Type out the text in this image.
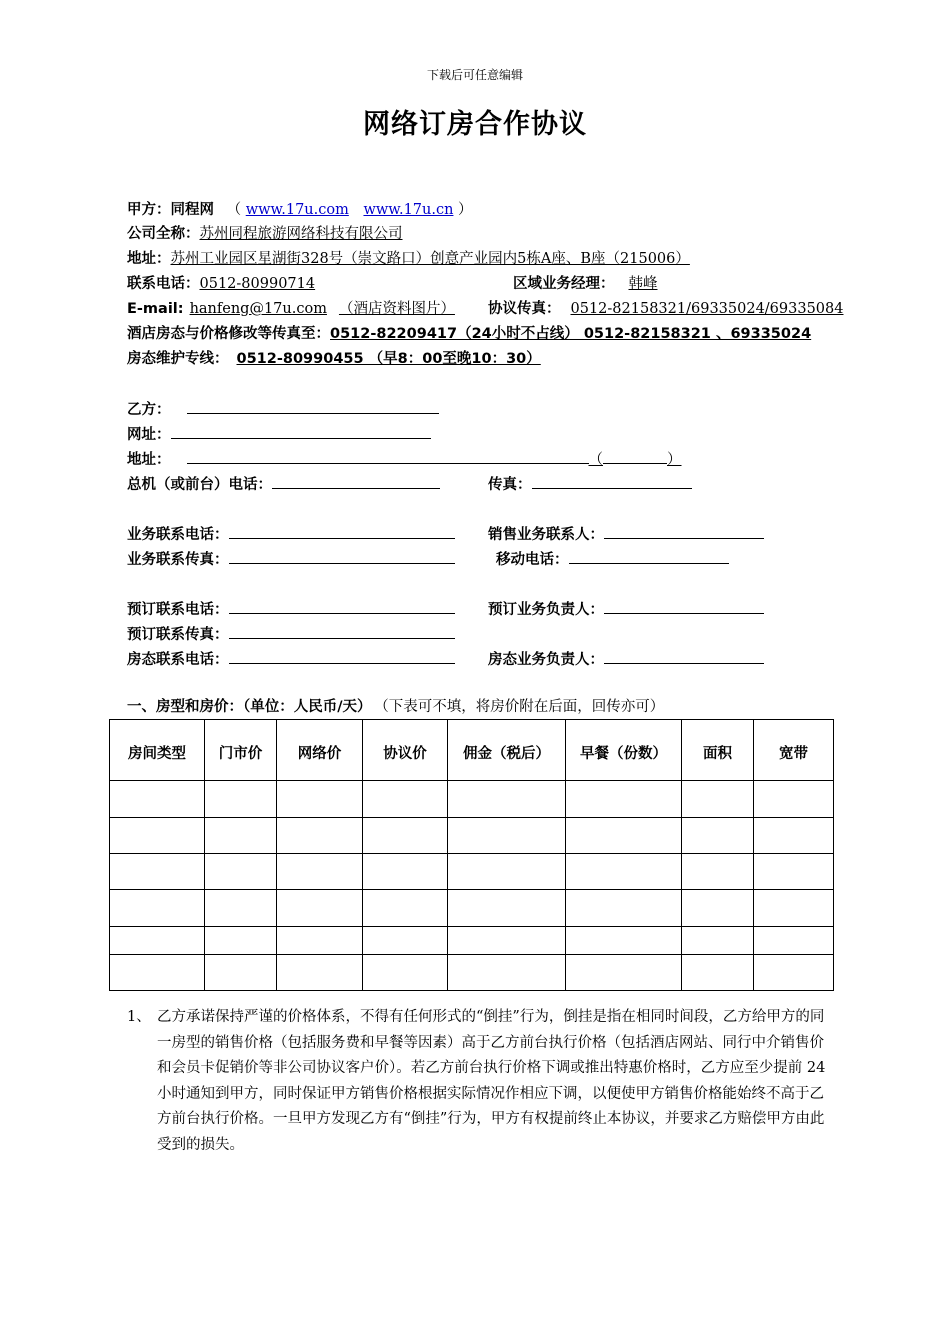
下载后可任意编辑
网络订房合作协议
甲方：同程网 （ www.17u.com www.17u.cn ）
公司全称：苏州同程旅游网络科技有限公司
地址：苏州工业园区星湖街328号（崇文路口）创意产业园内5栋A座、B座（215006）
联系电话：0512-80990714	区域业务经理： 韩峰
E-mail: hanfeng@17u.com （酒店资料图片） 协议传真： 0512-82158321/69335024/69335084
酒店房态与价格修改等传真至：0512-82209417（24小时不占线） 0512-82158321 、69335024
房态维护专线： 0512-80990455 （早8：00至晚10：30）
乙方：
网址：
地址：	（	）
总机（或前台）电话：	传真：
业务联系电话：	销售业务联系人：
业务联系传真：	移动电话：
预订联系电话：	预订业务负责人：
预订联系传真：
房态联系电话：	房态业务负责人：
一、房型和房价：（单位：人民币/天） （下表可不填，将房价附在后面，回传亦可）
房间类型	门市价	网络价	协议价	佣金（税后）	早餐（份数）	面积	宽带

1、 乙方承诺保持严谨的价格体系，不得有任何形式的“倒挂”行为，倒挂是指在相同时间段，乙方给甲方的同一房型的销售价格（包括服务费和早餐等因素）高于乙方前台执行价格（包括酒店网站、同行中介销售价和会员卡促销价等非公司协议客户价）。若乙方前台执行价格下调或推出特惠价格时，乙方应至少提前 24小时通知到甲方，同时保证甲方销售价格根据实际情况作相应下调，以便使甲方销售价格能始终不高于乙方前台执行价格。一旦甲方发现乙方有“倒挂”行为，甲方有权提前终止本协议，并要求乙方赔偿甲方由此受到的损失。
